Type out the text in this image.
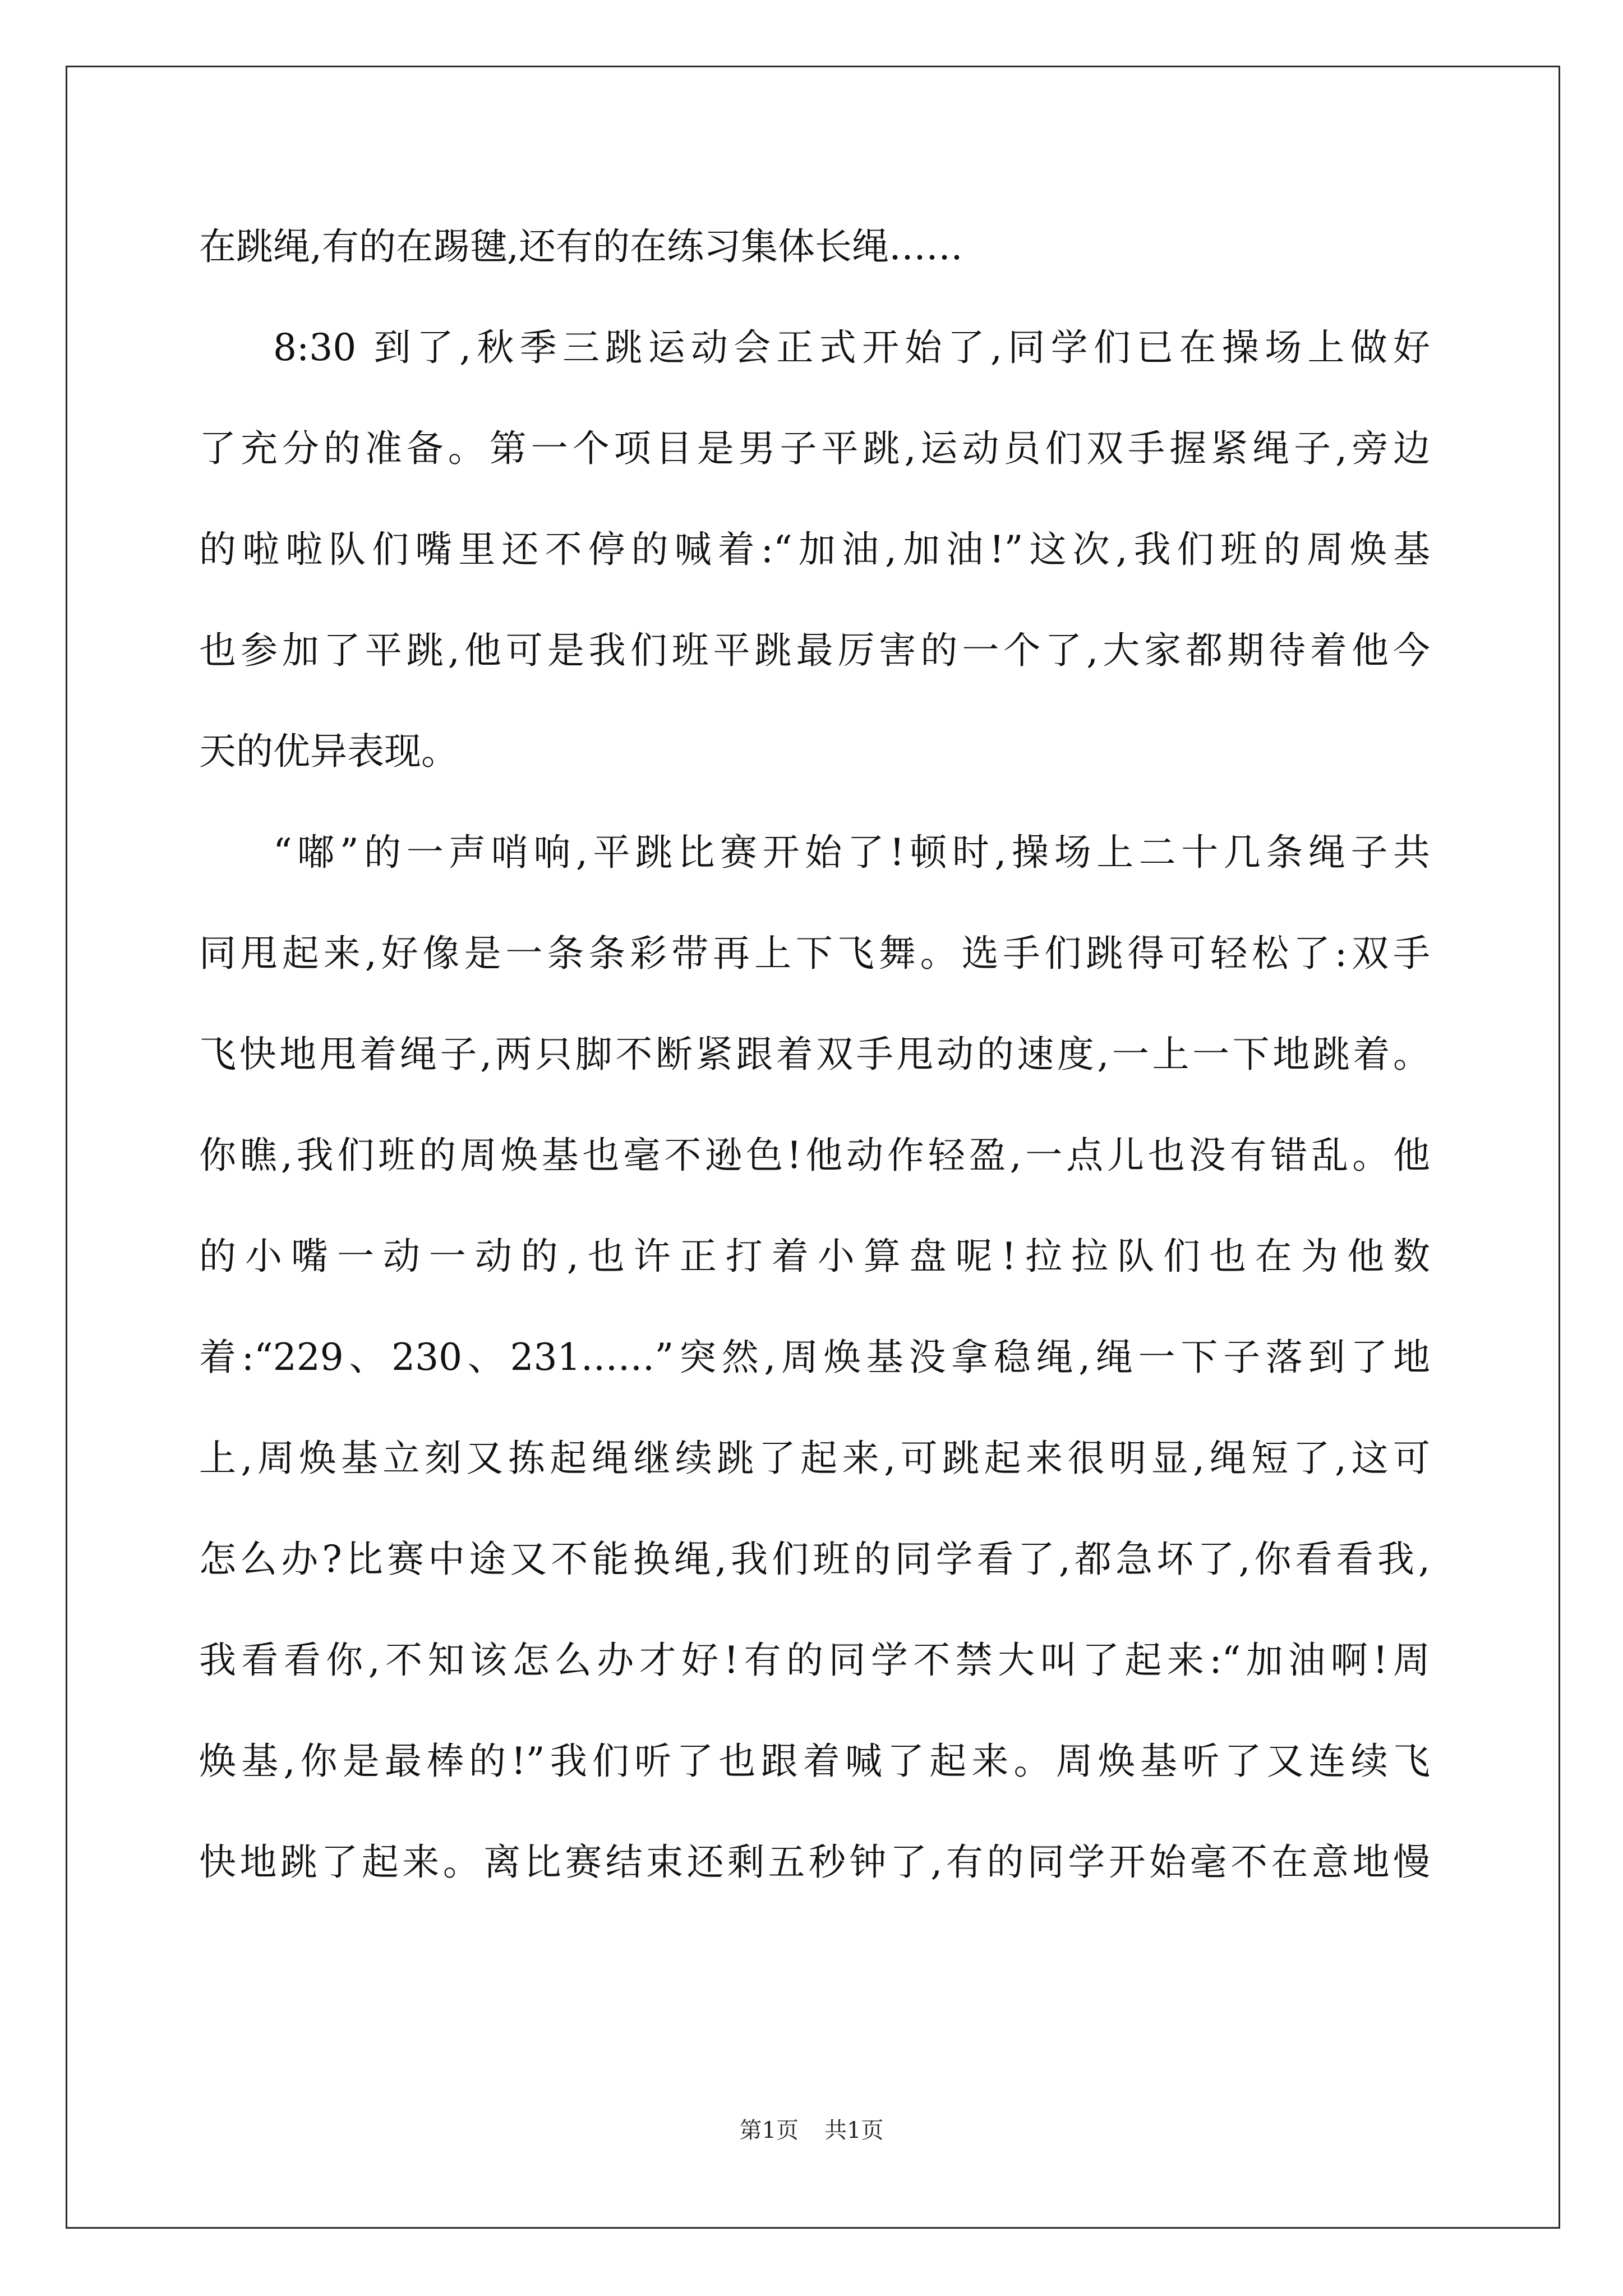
在跳绳,有的在踢毽,还有的在练习集体长绳……
8:30 到了,秋季三跳运动会正式开始了,同学们已在操场上做好
了充分的准备。第一个项目是男子平跳,运动员们双手握紧绳子,旁边
的啦啦队们嘴里还不停的喊着:“加油,加油!”这次,我们班的周焕基
也参加了平跳,他可是我们班平跳最厉害的一个了,大家都期待着他今
天的优异表现。
“嘟”的一声哨响,平跳比赛开始了!顿时,操场上二十几条绳子共
同甩起来,好像是一条条彩带再上下飞舞。选手们跳得可轻松了:双手
飞快地甩着绳子,两只脚不断紧跟着双手甩动的速度,一上一下地跳着。
你瞧,我们班的周焕基也毫不逊色!他动作轻盈,一点儿也没有错乱。他
的小嘴一动一动的,也许正打着小算盘呢!拉拉队们也在为他数
着:“229、230、231……”突然,周焕基没拿稳绳,绳一下子落到了地
上,周焕基立刻又拣起绳继续跳了起来,可跳起来很明显,绳短了,这可
怎么办?比赛中途又不能换绳,我们班的同学看了,都急坏了,你看看我,
我看看你,不知该怎么办才好!有的同学不禁大叫了起来:“加油啊!周
焕基,你是最棒的!”我们听了也跟着喊了起来。周焕基听了又连续飞
快地跳了起来。离比赛结束还剩五秒钟了,有的同学开始毫不在意地慢
第1页 共1页
